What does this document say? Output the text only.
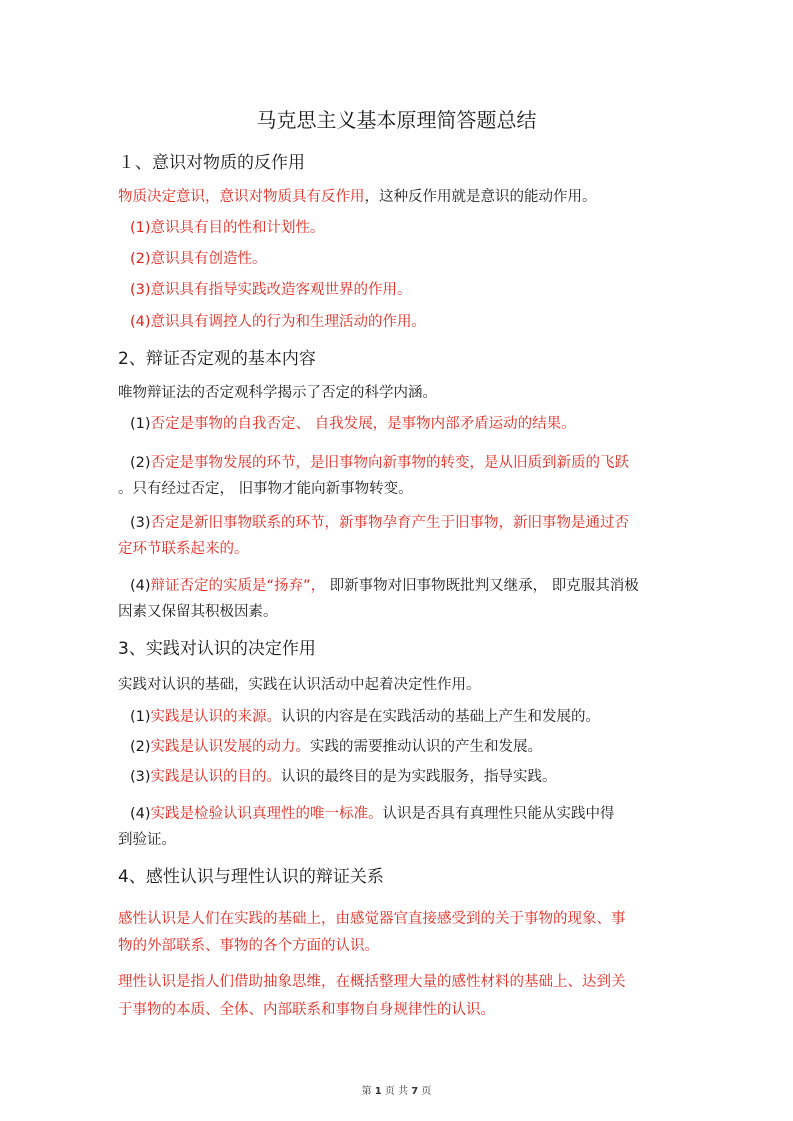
马克思主义基本原理简答题总结
１、意识对物质的反作用
物质决定意识，意识对物质具有反作用，这种反作用就是意识的能动作用。
(1)意识具有目的性和计划性。
(2)意识具有创造性。
(3)意识具有指导实践改造客观世界的作用。
(4)意识具有调控人的行为和生理活动的作用。
2、辩证否定观的基本内容
唯物辩证法的否定观科学揭示了否定的科学内涵。
(1)否定是事物的自我否定、 自我发展，是事物内部矛盾运动的结果。
(2)否定是事物发展的环节，是旧事物向新事物的转变，是从旧质到新质的飞跃
。只有经过否定， 旧事物才能向新事物转变。
(3)否定是新旧事物联系的环节，新事物孕育产生于旧事物，新旧事物是通过否
定环节联系起来的。
(4)辩证否定的实质是“扬弃”， 即新事物对旧事物既批判又继承， 即克服其消极
因素又保留其积极因素。
3、实践对认识的决定作用
实践对认识的基础，实践在认识活动中起着决定性作用。
(1)实践是认识的来源。认识的内容是在实践活动的基础上产生和发展的。
(2)实践是认识发展的动力。实践的需要推动认识的产生和发展。
(3)实践是认识的目的。认识的最终目的是为实践服务，指导实践。
(4)实践是检验认识真理性的唯一标准。认识是否具有真理性只能从实践中得
到验证。
4、感性认识与理性认识的辩证关系
感性认识是人们在实践的基础上，由感觉器官直接感受到的关于事物的现象、事
物的外部联系、事物的各个方面的认识。
理性认识是指人们借助抽象思维，在概括整理大量的感性材料的基础上、达到关
于事物的本质、全体、内部联系和事物自身规律性的认识。
第 1 页 共 7 页
